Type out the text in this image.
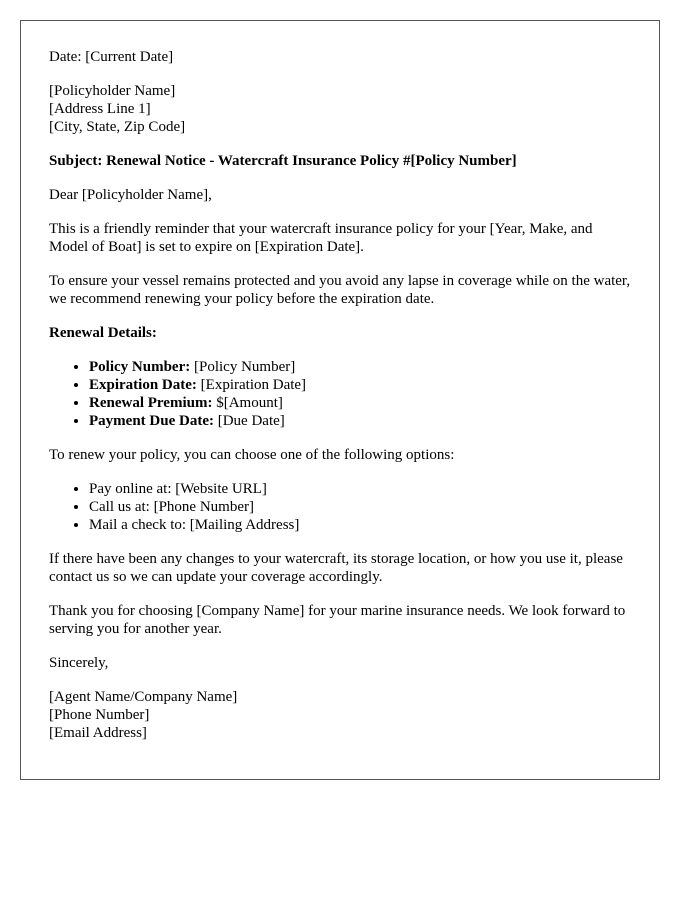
Date: [Current Date]

[Policyholder Name]
[Address Line 1]
[City, State, Zip Code]

Subject: Renewal Notice - Watercraft Insurance Policy #[Policy Number]

Dear [Policyholder Name],

This is a friendly reminder that your watercraft insurance policy for your [Year, Make, and Model of Boat] is set to expire on [Expiration Date].

To ensure your vessel remains protected and you avoid any lapse in coverage while on the water, we recommend renewing your policy before the expiration date.

Renewal Details:

• Policy Number: [Policy Number]
• Expiration Date: [Expiration Date]
• Renewal Premium: $[Amount]
• Payment Due Date: [Due Date]

To renew your policy, you can choose one of the following options:

• Pay online at: [Website URL]
• Call us at: [Phone Number]
• Mail a check to: [Mailing Address]

If there have been any changes to your watercraft, its storage location, or how you use it, please contact us so we can update your coverage accordingly.

Thank you for choosing [Company Name] for your marine insurance needs. We look forward to serving you for another year.

Sincerely,

[Agent Name/Company Name]
[Phone Number]
[Email Address]
